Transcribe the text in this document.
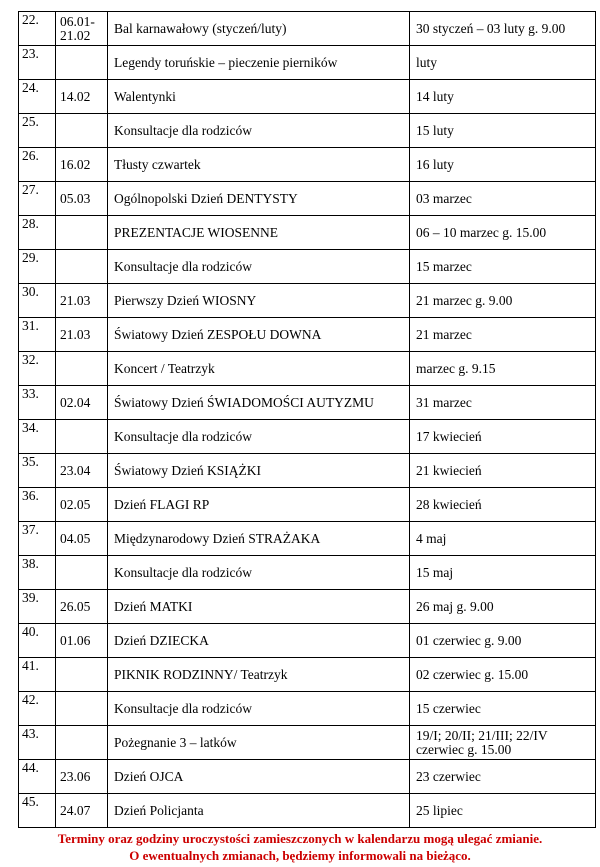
22.	06.01-21.02	Bal karnawałowy (styczeń/luty)	30 styczeń – 03 luty g. 9.00
23.		Legendy toruńskie – pieczenie pierników	luty
24.	14.02	Walentynki	14 luty
25.		Konsultacje dla rodziców	15 luty
26.	16.02	Tłusty czwartek	16 luty
27.	05.03	Ogólnopolski Dzień DENTYSTY	03 marzec
28.		PREZENTACJE WIOSENNE	06 – 10 marzec g. 15.00
29.		Konsultacje dla rodziców	15 marzec
30.	21.03	Pierwszy Dzień WIOSNY	21 marzec g. 9.00
31.	21.03	Światowy Dzień ZESPOŁU DOWNA	21 marzec
32.		Koncert / Teatrzyk	marzec g. 9.15
33.	02.04	Światowy Dzień ŚWIADOMOŚCI AUTYZMU	31 marzec
34.		Konsultacje dla rodziców	17 kwiecień
35.	23.04	Światowy Dzień KSIĄŻKI	21 kwiecień
36.	02.05	Dzień FLAGI RP	28 kwiecień
37.	04.05	Międzynarodowy Dzień STRAŻAKA	4 maj
38.		Konsultacje dla rodziców	15 maj
39.	26.05	Dzień MATKI	26 maj g. 9.00
40.	01.06	Dzień DZIECKA	01 czerwiec g. 9.00
41.		PIKNIK RODZINNY/ Teatrzyk	02 czerwiec g. 15.00
42.		Konsultacje dla rodziców	15 czerwiec
43.		Pożegnanie 3 – latków	19/I; 20/II; 21/III; 22/IV czerwiec g. 15.00
44.	23.06	Dzień OJCA	23 czerwiec
45.	24.07	Dzień Policjanta	25 lipiec
Terminy oraz godziny uroczystości zamieszczonych w kalendarzu mogą ulegać zmianie.
O ewentualnych zmianach, będziemy informowali na bieżąco.
